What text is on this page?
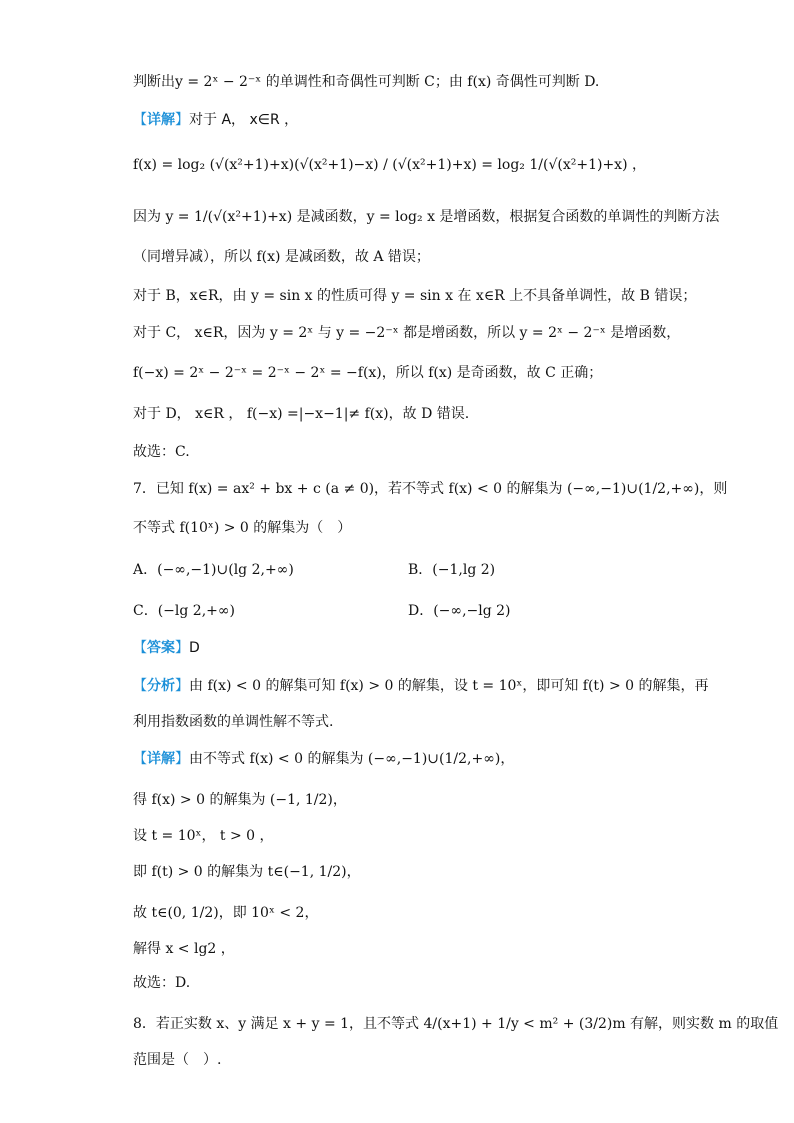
判断出y = 2ˣ − 2⁻ˣ 的单调性和奇偶性可判断 C；由 f(x) 奇偶性可判断 D.
【详解】对于 A， x∈R ，
f(x) = log₂ (√(x²+1)+x)(√(x²+1)−x) / (√(x²+1)+x) = log₂ 1/(√(x²+1)+x) ，
因为 y = 1/(√(x²+1)+x) 是减函数，y = log₂ x 是增函数，根据复合函数的单调性的判断方法
（同增异减），所以 f(x) 是减函数，故 A 错误；
对于 B，x∈R，由 y = sin x 的性质可得 y = sin x 在 x∈R 上不具备单调性，故 B 错误；
对于 C， x∈R，因为 y = 2ˣ 与 y = −2⁻ˣ 都是增函数，所以 y = 2ˣ − 2⁻ˣ 是增函数，
f(−x) = 2ˣ − 2⁻ˣ = 2⁻ˣ − 2ˣ = −f(x)，所以 f(x) 是奇函数，故 C 正确；
对于 D， x∈R ， f(−x) =|−x−1|≠ f(x)，故 D 错误.
故选：C.
7．已知 f(x) = ax² + bx + c (a ≠ 0)，若不等式 f(x) < 0 的解集为 (−∞,−1)∪(1/2,+∞)，则
不等式 f(10ˣ) > 0 的解集为（　）
A．(−∞,−1)∪(lg 2,+∞)	B．(−1,lg 2)
C．(−lg 2,+∞)	D．(−∞,−lg 2)
【答案】D
【分析】由 f(x) < 0 的解集可知 f(x) > 0 的解集，设 t = 10ˣ，即可知 f(t) > 0 的解集，再
利用指数函数的单调性解不等式.
【详解】由不等式 f(x) < 0 的解集为 (−∞,−1)∪(1/2,+∞)，
得 f(x) > 0 的解集为 (−1, 1/2)，
设 t = 10ˣ， t > 0 ，
即 f(t) > 0 的解集为 t∈(−1, 1/2)，
故 t∈(0, 1/2)，即 10ˣ < 2，
解得 x < lg2 ，
故选：D.
8．若正实数 x、y 满足 x + y = 1，且不等式 4/(x+1) + 1/y < m² + (3/2)m 有解，则实数 m 的取值
范围是（　）.
